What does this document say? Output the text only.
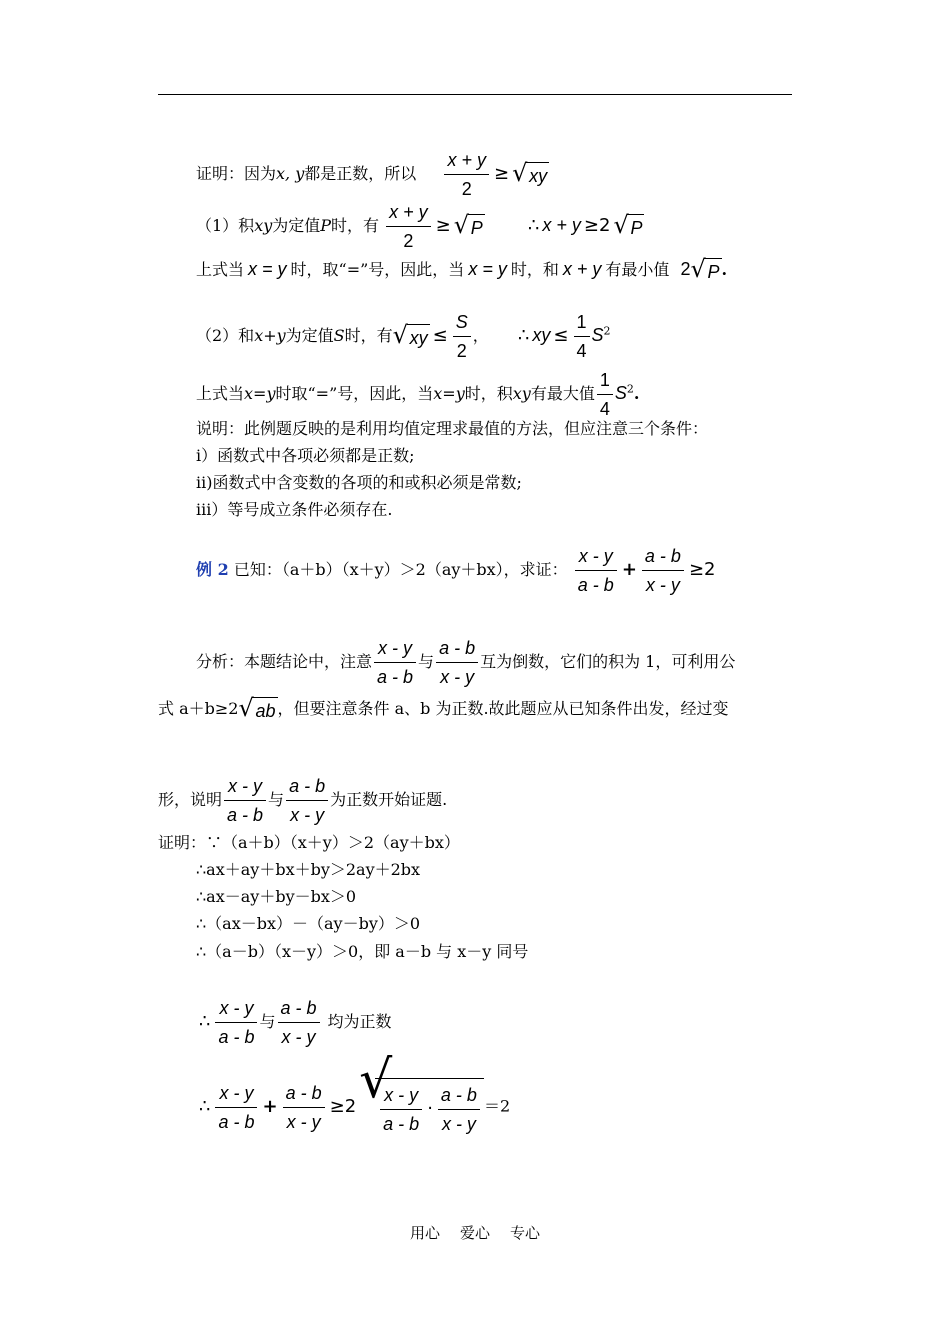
证明：因为x, y都是正数，所以 $\frac{x + y}{2}$ ≥ √ xy
（1）积xy为定值P时，有 $\frac{x + y}{2}$ ≥ √ P	∴ x + y ≥2 √ P
上式当 x = y 时，取“=”号，因此，当 x = y 时，和 x + y 有最小值 2 √ P .
（2）和x+y为定值S时，有 √ xy ≤ $\frac{S}{2}$ ， ∴ xy ≤ $\frac{1}{4} S^2$
上式当x=y时取“=”号，因此，当x=y时，积xy有最大值 $\frac{1}{4} S^2$.
说明：此例题反映的是利用均值定理求最值的方法，但应注意三个条件：
ⅰ）函数式中各项必须都是正数;
ⅱ)函数式中含变数的各项的和或积必须是常数;
ⅲ）等号成立条件必须存在.
例 2 已知：（a＋b）（x＋y）＞2（ay＋bx），求证： $\frac{x - y}{a - b} + \frac{a - b}{x - y} \ge 2$
分析：本题结论中，注意 $\frac{x - y}{a - b}$ 与 $\frac{a - b}{x - y}$ 互为倒数，它们的积为 1，可利用公
式 a＋b≥2 √ ab ，但要注意条件 a、b 为正数.故此题应从已知条件出发，经过变
形，说明 $\frac{x - y}{a - b}$ 与 $\frac{a - b}{x - y}$ 为正数开始证题.
证明：∵（a＋b）（x＋y）＞2（ay＋bx）
∴ax＋ay＋bx＋by＞2ay＋2bx
∴ax－ay＋by－bx＞0
∴（ax－bx）－（ay－by）＞0
∴（a－b）（x－y）＞0，即 a－b 与 x－y 同号
∴ $\frac{x - y}{a - b}$ 与 $\frac{a - b}{x - y}$ 均为正数
∴ $\frac{x - y}{a - b} + \frac{a - b}{x - y} \ge 2$ √
$\frac{x - y}{a - b} \cdot \frac{a - b}{x - y} =2$
用心 爱心 专心
